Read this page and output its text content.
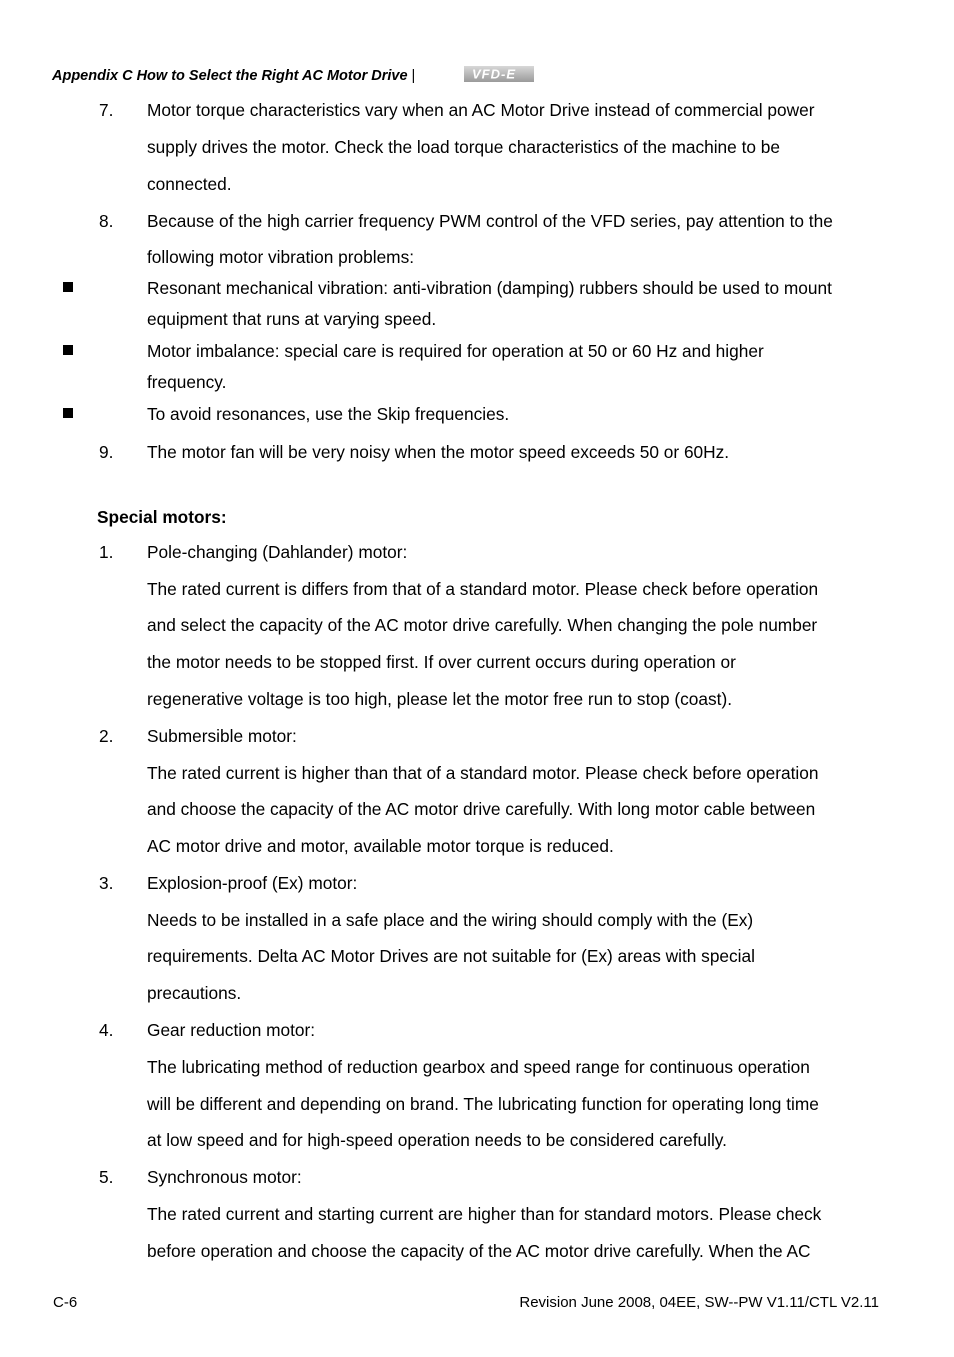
Appendix C How to Select the Right AC Motor Drive |	VFD-E
7. Motor torque characteristics vary when an AC Motor Drive instead of commercial power
supply drives the motor. Check the load torque characteristics of the machine to be
connected.
8. Because of the high carrier frequency PWM control of the VFD series, pay attention to the
following motor vibration problems:
Resonant mechanical vibration: anti-vibration (damping) rubbers should be used to mount
equipment that runs at varying speed.
Motor imbalance: special care is required for operation at 50 or 60 Hz and higher
frequency.
To avoid resonances, use the Skip frequencies.
9. The motor fan will be very noisy when the motor speed exceeds 50 or 60Hz.
Special motors:
1. Pole-changing (Dahlander) motor:
The rated current is differs from that of a standard motor. Please check before operation
and select the capacity of the AC motor drive carefully. When changing the pole number
the motor needs to be stopped first. If over current occurs during operation or
regenerative voltage is too high, please let the motor free run to stop (coast).
2. Submersible motor:
The rated current is higher than that of a standard motor. Please check before operation
and choose the capacity of the AC motor drive carefully. With long motor cable between
AC motor drive and motor, available motor torque is reduced.
3. Explosion-proof (Ex) motor:
Needs to be installed in a safe place and the wiring should comply with the (Ex)
requirements. Delta AC Motor Drives are not suitable for (Ex) areas with special
precautions.
4. Gear reduction motor:
The lubricating method of reduction gearbox and speed range for continuous operation
will be different and depending on brand. The lubricating function for operating long time
at low speed and for high-speed operation needs to be considered carefully.
5. Synchronous motor:
The rated current and starting current are higher than for standard motors. Please check
before operation and choose the capacity of the AC motor drive carefully. When the AC
C-6	Revision June 2008, 04EE, SW--PW V1.11/CTL V2.11
